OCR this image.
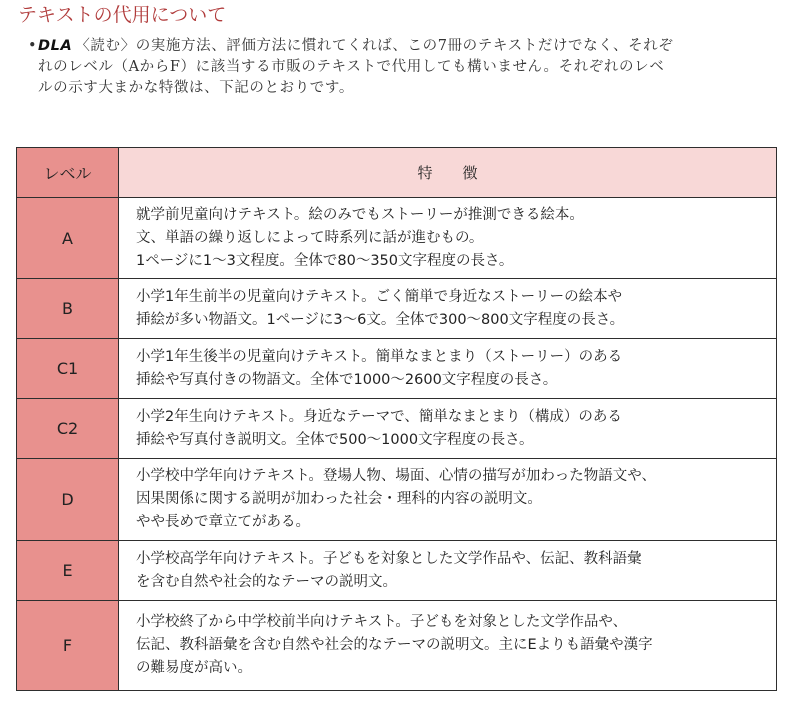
テキストの代用について
• DLA 〈読む〉の実施方法、評価方法に慣れてくれば、この7冊のテキストだけでなく、それぞ
れのレベル（AからF）に該当する市販のテキストで代用しても構いません。それぞれのレベ
ルの示す大まかな特徴は、下記のとおりです。
レベル	特　　徴
A	就学前児童向けテキスト。絵のみでもストーリーが推測できる絵本。
文、単語の繰り返しによって時系列に話が進むもの。
1ページに1～3文程度。全体で80～350文字程度の長さ。

B	小学1年生前半の児童向けテキスト。ごく簡単で身近なストーリーの絵本や
挿絵が多い物語文。1ページに3～6文。全体で300～800文字程度の長さ。

C1	小学1年生後半の児童向けテキスト。簡単なまとまり（ストーリー）のある
挿絵や写真付きの物語文。全体で1000～2600文字程度の長さ。

C2	小学2年生向けテキスト。身近なテーマで、簡単なまとまり（構成）のある
挿絵や写真付き説明文。全体で500～1000文字程度の長さ。

D	小学校中学年向けテキスト。登場人物、場面、心情の描写が加わった物語文や、
因果関係に関する説明が加わった社会・理科的内容の説明文。
やや長めで章立てがある。

E	小学校高学年向けテキスト。子どもを対象とした文学作品や、伝記、教科語彙
を含む自然や社会的なテーマの説明文。

F	小学校終了から中学校前半向けテキスト。子どもを対象とした文学作品や、
伝記、教科語彙を含む自然や社会的なテーマの説明文。主にEよりも語彙や漢字
の難易度が高い。
